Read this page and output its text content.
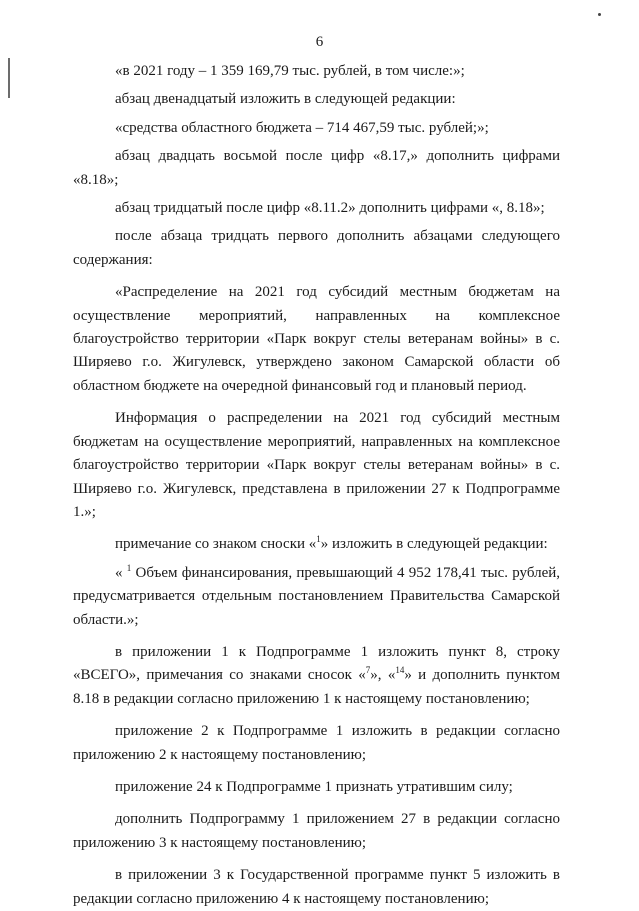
6

«в 2021 году – 1 359 169,79 тыс. рублей, в том числе:»;

абзац двенадцатый изложить в следующей редакции:

«средства областного бюджета – 714 467,59 тыс. рублей;»;

абзац двадцать восьмой после цифр «8.17,» дополнить цифрами «8.18»;

абзац тридцатый после цифр «8.11.2» дополнить цифрами «, 8.18»;

после абзаца тридцать первого дополнить абзацами следующего содержания:

«Распределение на 2021 год субсидий местным бюджетам на осуществление мероприятий, направленных на комплексное благоустройство территории «Парк вокруг стелы ветеранам войны» в с. Ширяево г.о. Жигулевск, утверждено законом Самарской области об областном бюджете на очередной финансовый год и плановый период.

Информация о распределении на 2021 год субсидий местным бюджетам на осуществление мероприятий, направленных на комплексное благоустройство территории «Парк вокруг стелы ветеранам войны» в с. Ширяево г.о. Жигулевск, представлена в приложении 27 к Подпрограмме 1.»;

примечание со знаком сноски «$^1$» изложить в следующей редакции:

« $^1$ Объем финансирования, превышающий 4 952 178,41 тыс. рублей, предусматривается отдельным постановлением Правительства Самарской области.»;

в приложении 1 к Подпрограмме 1 изложить пункт 8, строку «ВСЕГО», примечания со знаками сносок «$^7$», «$^{14}$» и дополнить пунктом 8.18 в редакции согласно приложению 1 к настоящему постановлению;

приложение 2 к Подпрограмме 1 изложить в редакции согласно приложению 2 к настоящему постановлению;

приложение 24 к Подпрограмме 1 признать утратившим силу;

дополнить Подпрограмму 1 приложением 27 в редакции согласно приложению 3 к настоящему постановлению;

в приложении 3 к Государственной программе пункт 5 изложить в редакции согласно приложению 4 к настоящему постановлению;
